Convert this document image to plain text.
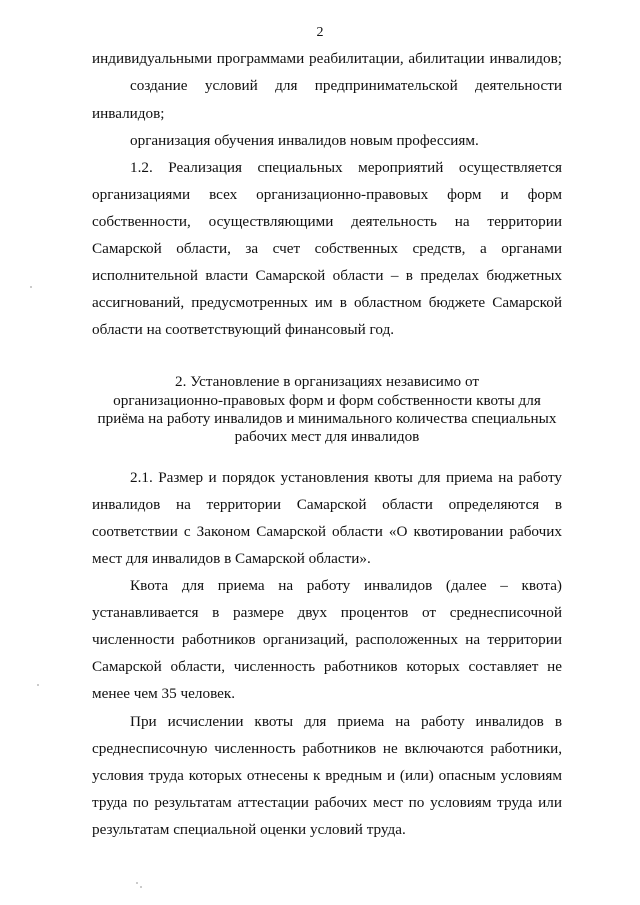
2
индивидуальными программами реабилитации, абилитации инвалидов;
создание условий для предпринимательской деятельности
инвалидов;
организация обучения инвалидов новым профессиям.
1.2. Реализация специальных мероприятий осуществляется
организациями всех организационно-правовых форм и форм
собственности, осуществляющими деятельность на территории
Самарской области, за счет собственных средств, а органами
исполнительной власти Самарской области – в пределах бюджетных
ассигнований, предусмотренных им в областном бюджете Самарской
области на соответствующий финансовый год.
2. Установление в организациях независимо от
организационно-правовых форм и форм собственности квоты для
приёма на работу инвалидов и минимального количества специальных
рабочих мест для инвалидов
2.1. Размер и порядок установления квоты для приема на работу
инвалидов на территории Самарской области определяются в
соответствии с Законом Самарской области «О квотировании рабочих
мест для инвалидов в Самарской области».
Квота для приема на работу инвалидов (далее – квота)
устанавливается в размере двух процентов от среднесписочной
численности работников организаций, расположенных на территории
Самарской области, численность работников которых составляет не
менее чем 35 человек.
При исчислении квоты для приема на работу инвалидов в
среднесписочную численность работников не включаются работники,
условия труда которых отнесены к вредным и (или) опасным условиям
труда по результатам аттестации рабочих мест по условиям труда или
результатам специальной оценки условий труда.
